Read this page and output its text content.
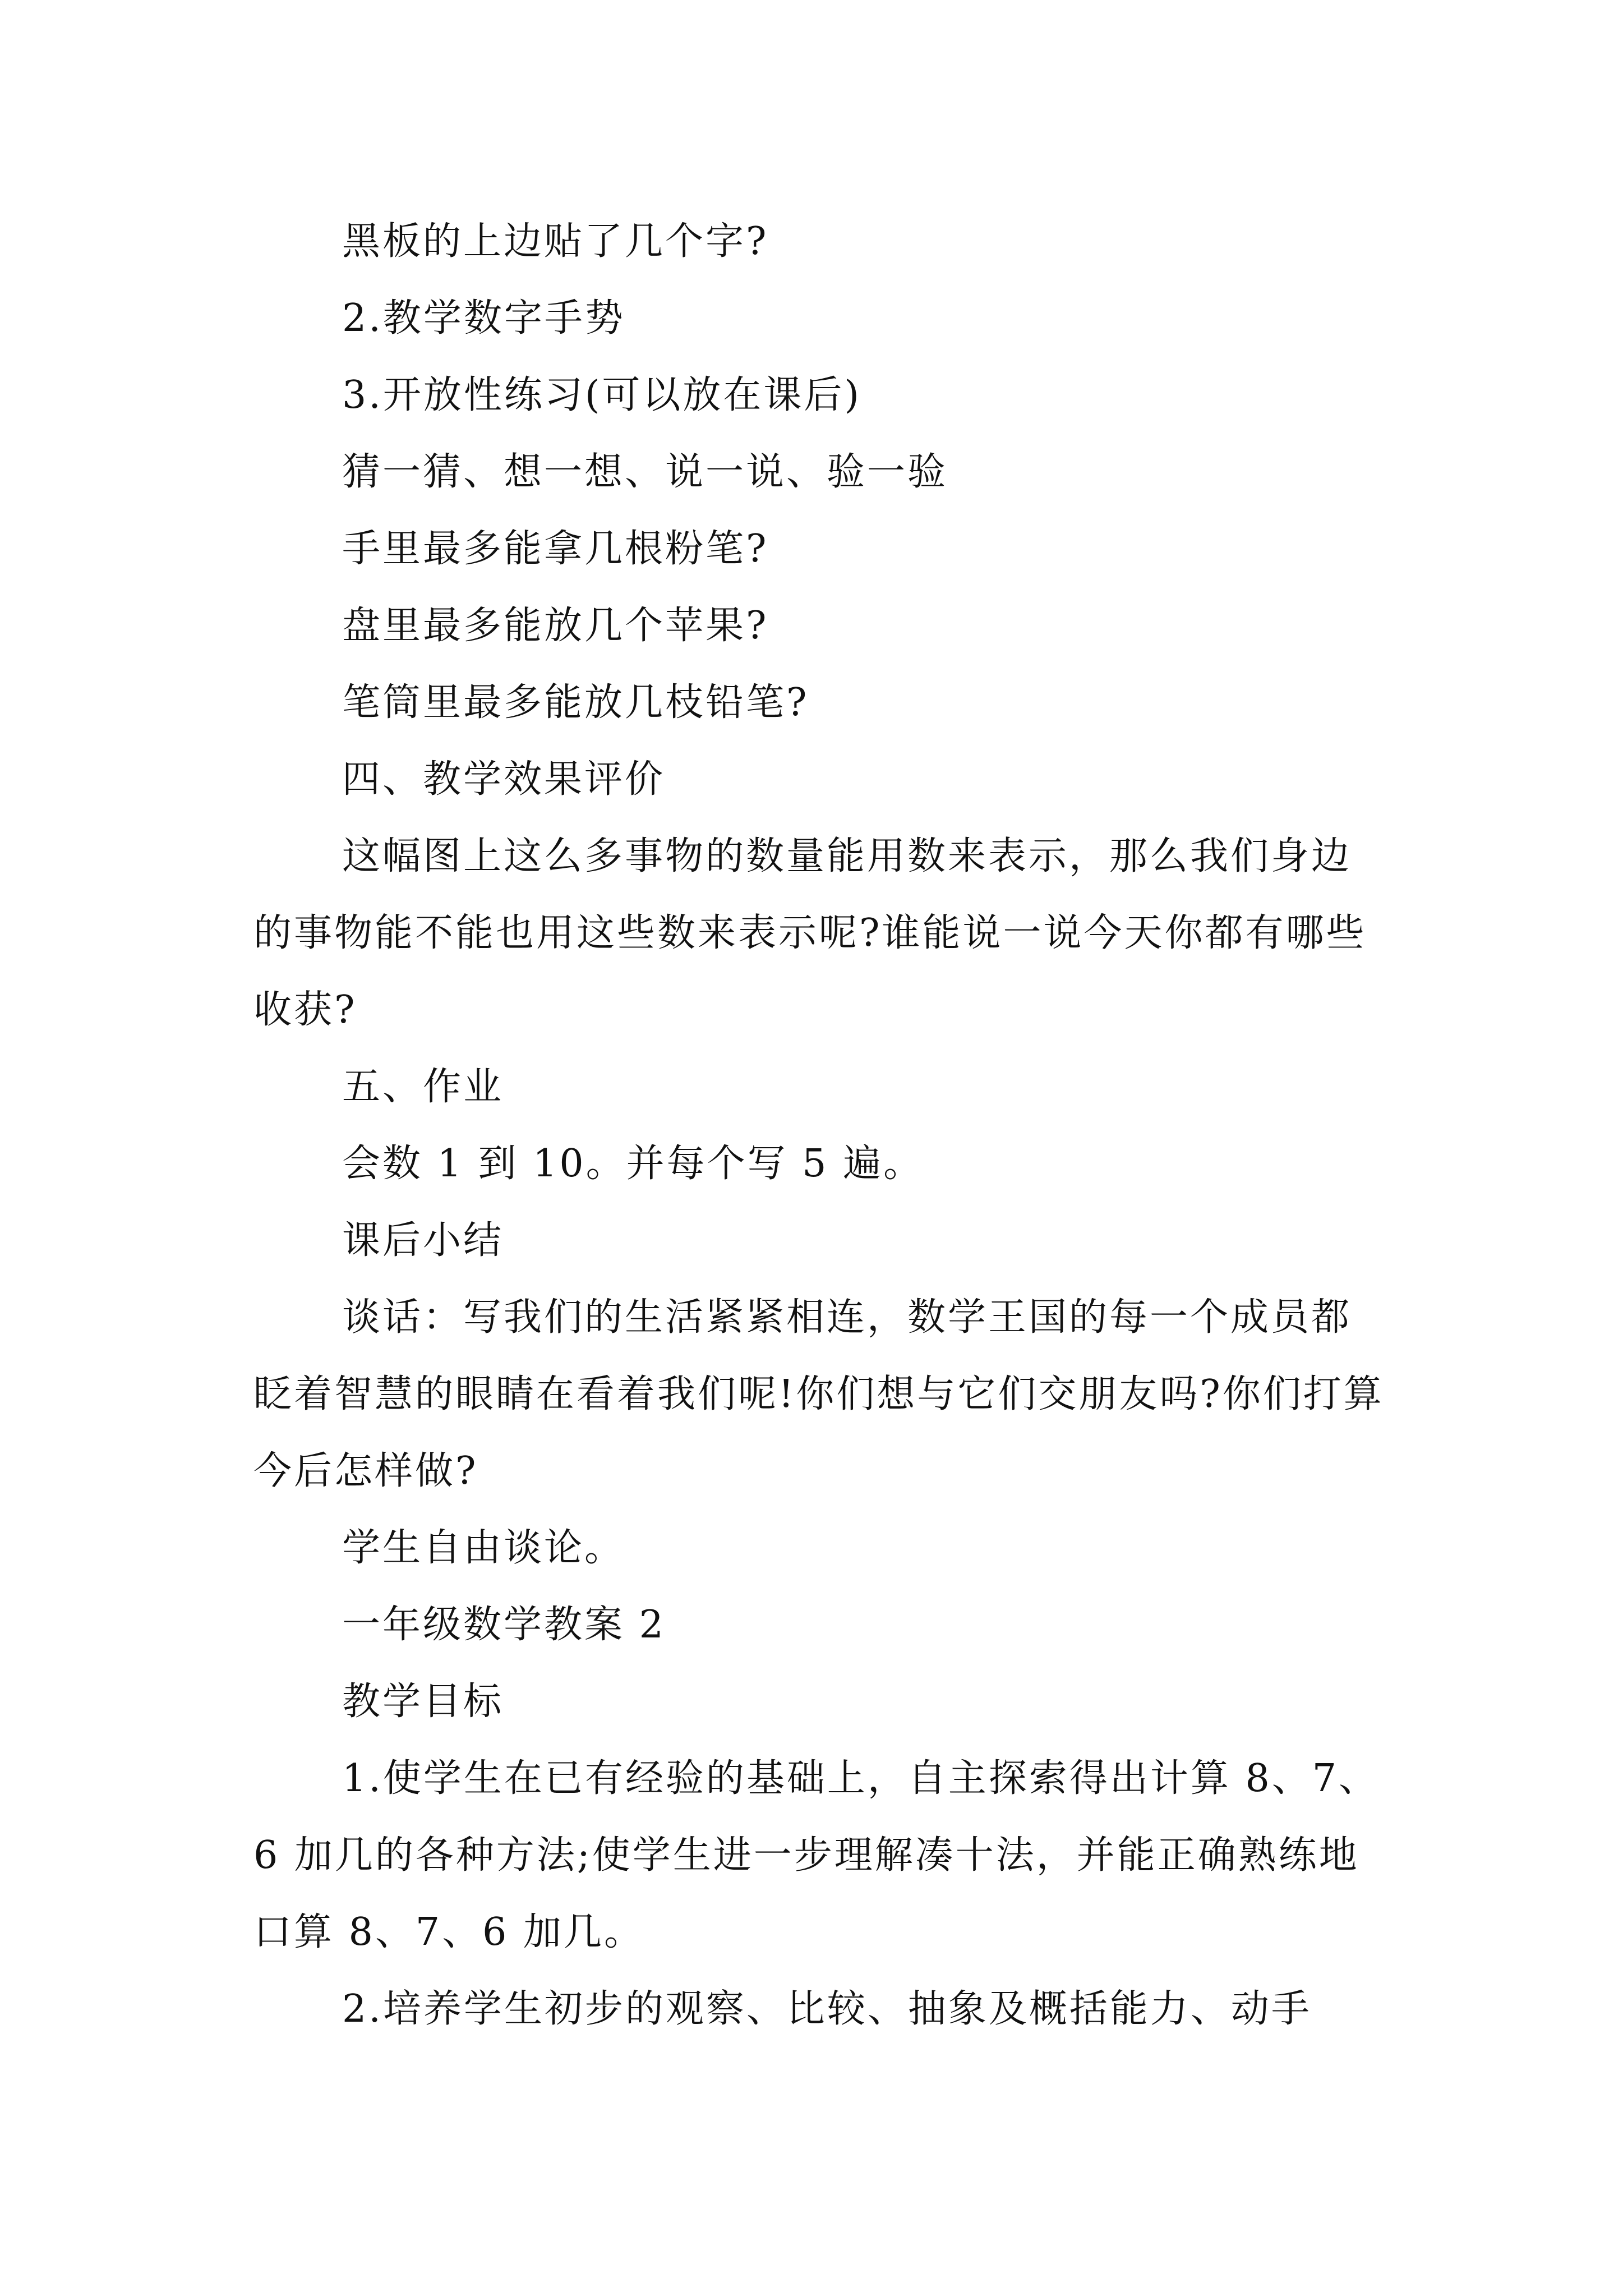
黑板的上边贴了几个字?

2.教学数字手势

3.开放性练习(可以放在课后)

猜一猜、想一想、说一说、验一验

手里最多能拿几根粉笔?

盘里最多能放几个苹果?

笔筒里最多能放几枝铅笔?

四、教学效果评价

这幅图上这么多事物的数量能用数来表示，那么我们身边的事物能不能也用这些数来表示呢?谁能说一说今天你都有哪些收获?

五、作业

会数 1 到 10。并每个写 5 遍。

课后小结

谈话：写我们的生活紧紧相连，数学王国的每一个成员都眨着智慧的眼睛在看着我们呢!你们想与它们交朋友吗?你们打算今后怎样做?

学生自由谈论。

一年级数学教案 2

教学目标

1.使学生在已有经验的基础上，自主探索得出计算 8、7、6 加几的各种方法;使学生进一步理解凑十法，并能正确熟练地口算 8、7、6 加几。

2.培养学生初步的观察、比较、抽象及概括能力、动手
